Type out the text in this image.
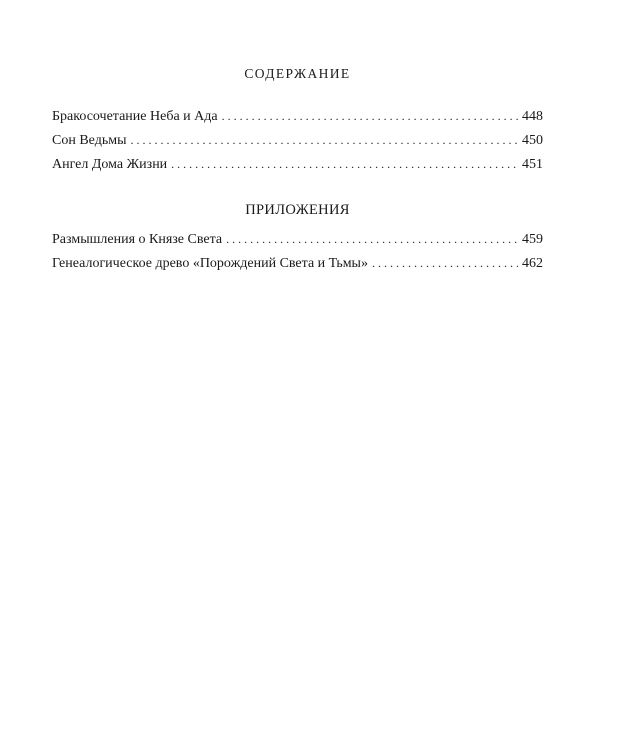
СОДЕРЖАНИЕ
Бракосочетание Неба и Ада . . .	448
Сон Ведьмы . . .	450
Ангел Дома Жизни . . .	451
ПРИЛОЖЕНИЯ
Размышления о Князе Света . . .	459
Генеалогическое древо «Порождений Света и Тьмы» . . .	462
